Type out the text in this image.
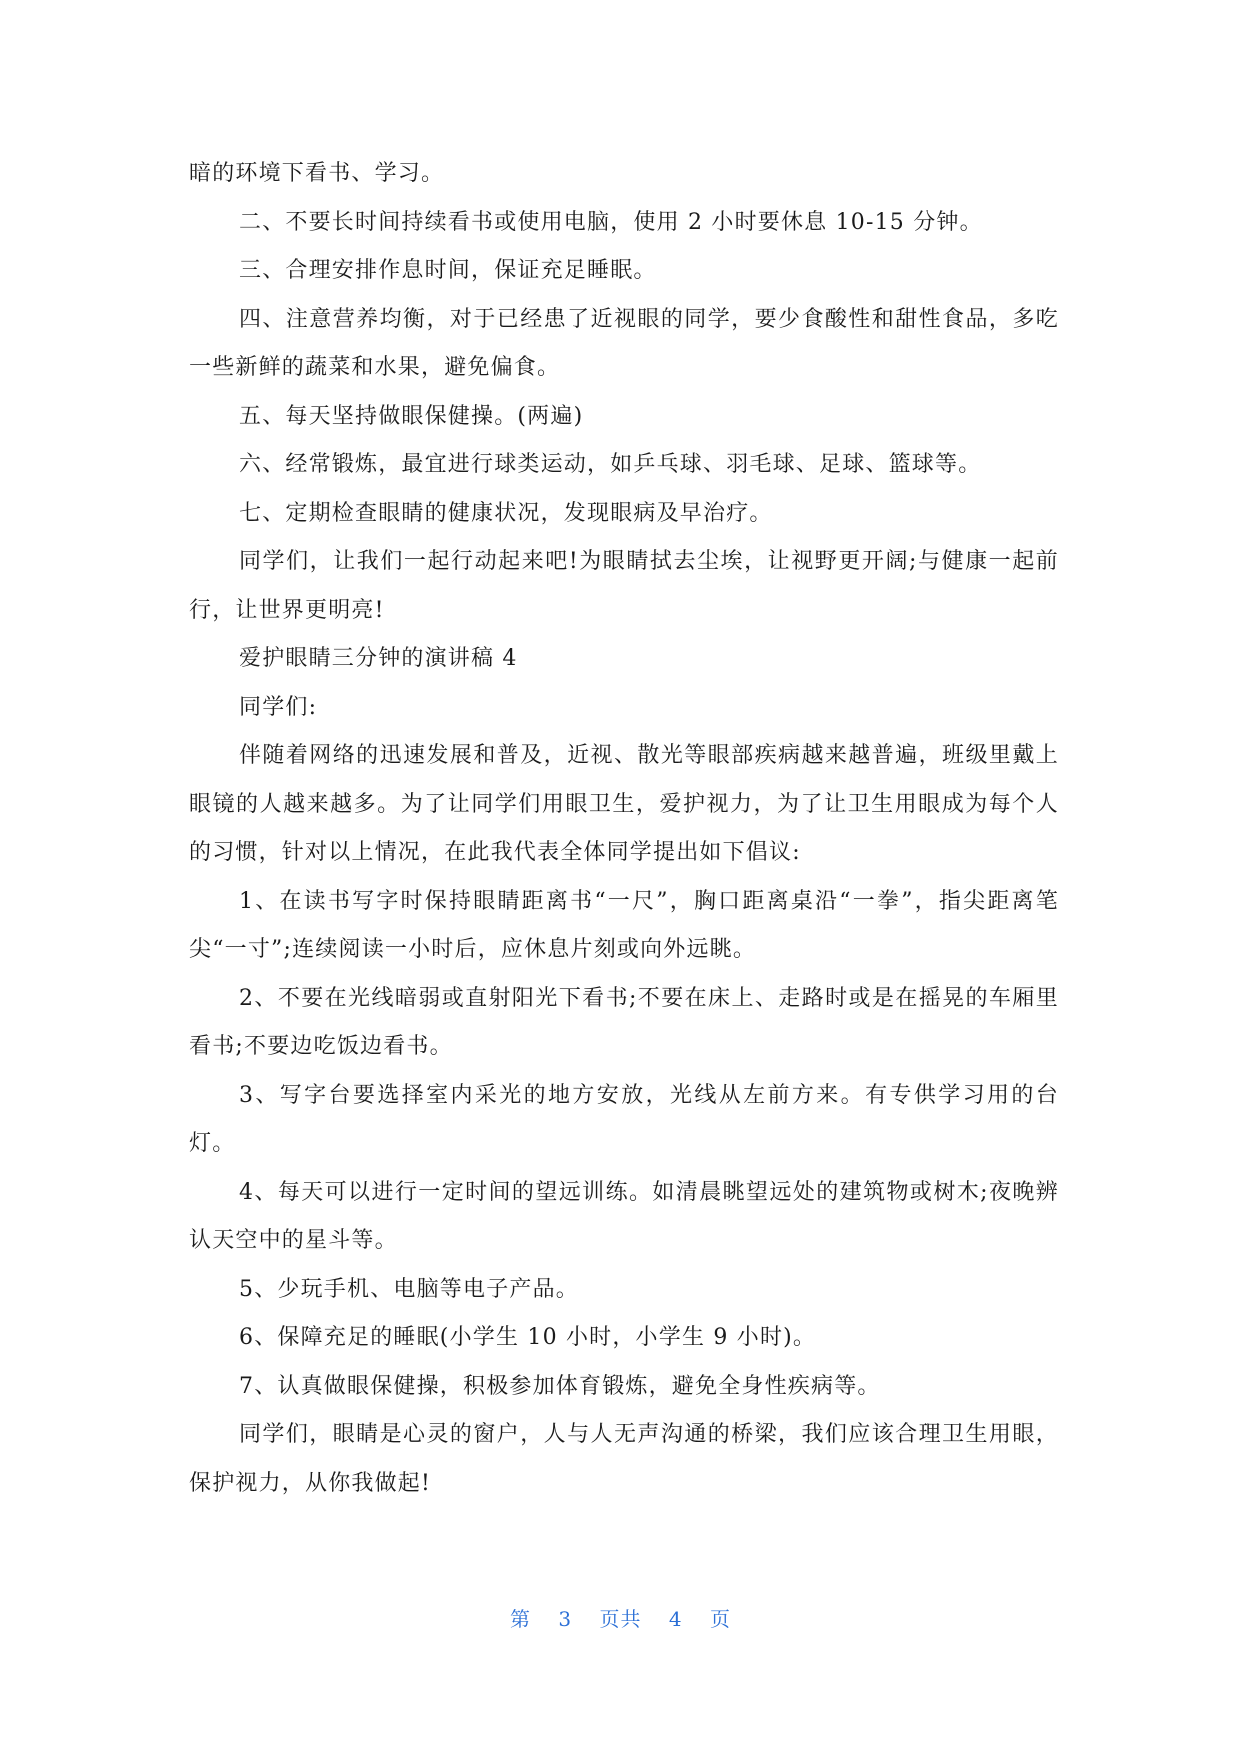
暗的环境下看书、学习。

二、不要长时间持续看书或使用电脑，使用 2 小时要休息 10-15 分钟。

三、合理安排作息时间，保证充足睡眠。

四、注意营养均衡，对于已经患了近视眼的同学，要少食酸性和甜性食品，多吃一些新鲜的蔬菜和水果，避免偏食。

五、每天坚持做眼保健操。(两遍)

六、经常锻炼，最宜进行球类运动，如乒乓球、羽毛球、足球、篮球等。

七、定期检查眼睛的健康状况，发现眼病及早治疗。

同学们，让我们一起行动起来吧!为眼睛拭去尘埃，让视野更开阔;与健康一起前行，让世界更明亮!

爱护眼睛三分钟的演讲稿 4

同学们:

伴随着网络的迅速发展和普及，近视、散光等眼部疾病越来越普遍，班级里戴上眼镜的人越来越多。为了让同学们用眼卫生，爱护视力，为了让卫生用眼成为每个人的习惯，针对以上情况，在此我代表全体同学提出如下倡议:

1、在读书写字时保持眼睛距离书“一尺”，胸口距离桌沿“一拳”，指尖距离笔尖“一寸”;连续阅读一小时后，应休息片刻或向外远眺。

2、不要在光线暗弱或直射阳光下看书;不要在床上、走路时或是在摇晃的车厢里看书;不要边吃饭边看书。

3、写字台要选择室内采光的地方安放，光线从左前方来。有专供学习用的台灯。

4、每天可以进行一定时间的望远训练。如清晨眺望远处的建筑物或树木;夜晚辨认天空中的星斗等。

5、少玩手机、电脑等电子产品。

6、保障充足的睡眠(小学生 10 小时，小学生 9 小时)。

7、认真做眼保健操，积极参加体育锻炼，避免全身性疾病等。

同学们，眼睛是心灵的窗户，人与人无声沟通的桥梁，我们应该合理卫生用眼，保护视力，从你我做起!

第 3 页共 4 页
